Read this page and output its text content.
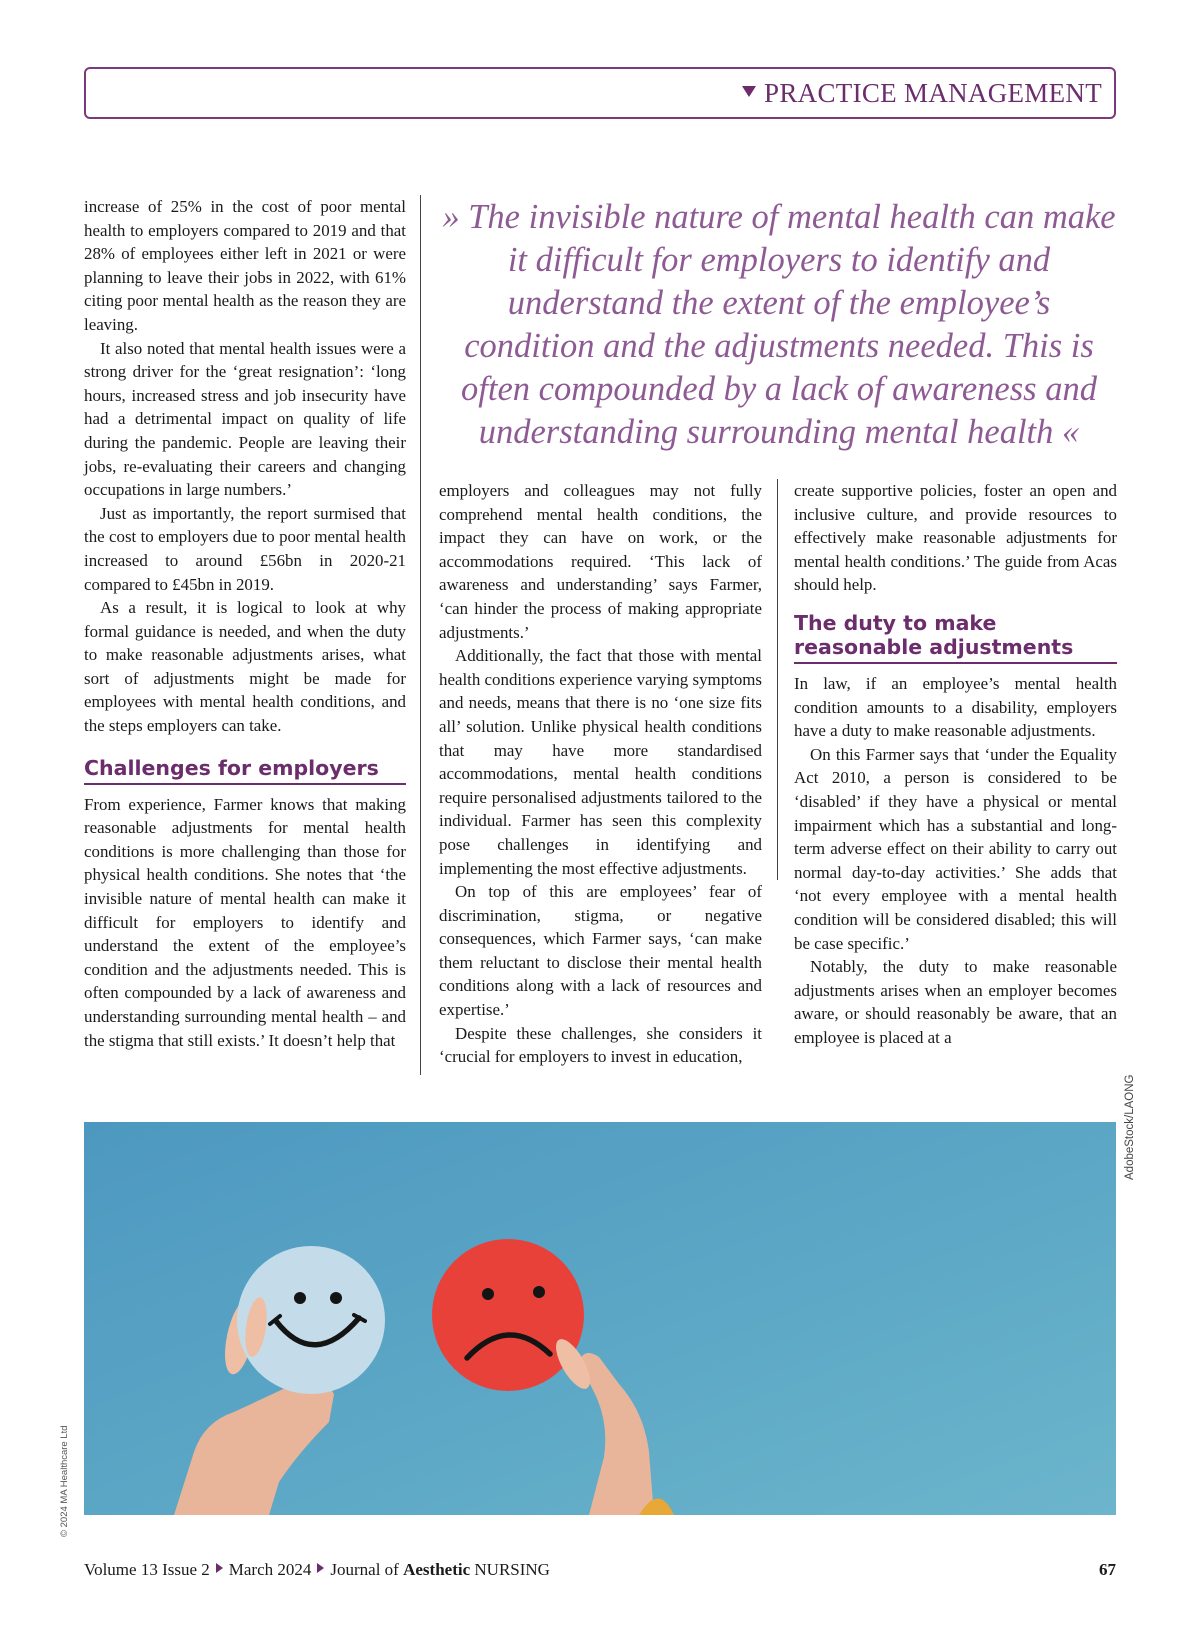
PRACTICE MANAGEMENT

increase of 25% in the cost of poor mental health to employers compared to 2019 and that 28% of employees either left in 2021 or were planning to leave their jobs in 2022, with 61% citing poor mental health as the reason they are leaving.

It also noted that mental health issues were a strong driver for the ‘great resignation’: ‘long hours, increased stress and job insecurity have had a detrimental impact on quality of life during the pandemic. People are leaving their jobs, re-evaluating their careers and changing occupations in large numbers.’

Just as importantly, the report surmised that the cost to employers due to poor mental health increased to around £56bn in 2020-21 compared to £45bn in 2019.

As a result, it is logical to look at why formal guidance is needed, and when the duty to make reasonable adjustments arises, what sort of adjustments might be made for employees with mental health conditions, and the steps employers can take.

Challenges for employers

From experience, Farmer knows that making reasonable adjustments for mental health conditions is more challenging than those for physical health conditions. She notes that ‘the invisible nature of mental health can make it difficult for employers to identify and understand the extent of the employee’s condition and the adjustments needed. This is often compounded by a lack of awareness and understanding surrounding mental health – and the stigma that still exists.’ It doesn’t help that

» The invisible nature of mental health can make it difficult for employers to identify and understand the extent of the employee’s condition and the adjustments needed. This is often compounded by a lack of awareness and understanding surrounding mental health «

employers and colleagues may not fully comprehend mental health conditions, the impact they can have on work, or the accommodations required. ‘This lack of awareness and understanding’ says Farmer, ‘can hinder the process of making appropriate adjustments.’

Additionally, the fact that those with mental health conditions experience varying symptoms and needs, means that there is no ‘one size fits all’ solution. Unlike physical health conditions that may have more standardised accommodations, mental health conditions require personalised adjustments tailored to the individual. Farmer has seen this complexity pose challenges in identifying and implementing the most effective adjustments.

On top of this are employees’ fear of discrimination, stigma, or negative consequences, which Farmer says, ‘can make them reluctant to disclose their mental health conditions along with a lack of resources and expertise.’

Despite these challenges, she considers it ‘crucial for employers to invest in education,

create supportive policies, foster an open and inclusive culture, and provide resources to effectively make reasonable adjustments for mental health conditions.’ The guide from Acas should help.

The duty to make reasonable adjustments

In law, if an employee’s mental health condition amounts to a disability, employers have a duty to make reasonable adjustments.

On this Farmer says that ‘under the Equality Act 2010, a person is considered to be ‘disabled’ if they have a physical or mental impairment which has a substantial and long-term adverse effect on their ability to carry out normal day-to-day activities.’ She adds that ‘not every employee with a mental health condition will be considered disabled; this will be case specific.’

Notably, the duty to make reasonable adjustments arises when an employer becomes aware, or should reasonably be aware, that an employee is placed at a

AdobeStock/LAONG
© 2024 MA Healthcare Ltd
Volume 13 Issue 2 March 2024 Journal of Aesthetic NURSING	67
